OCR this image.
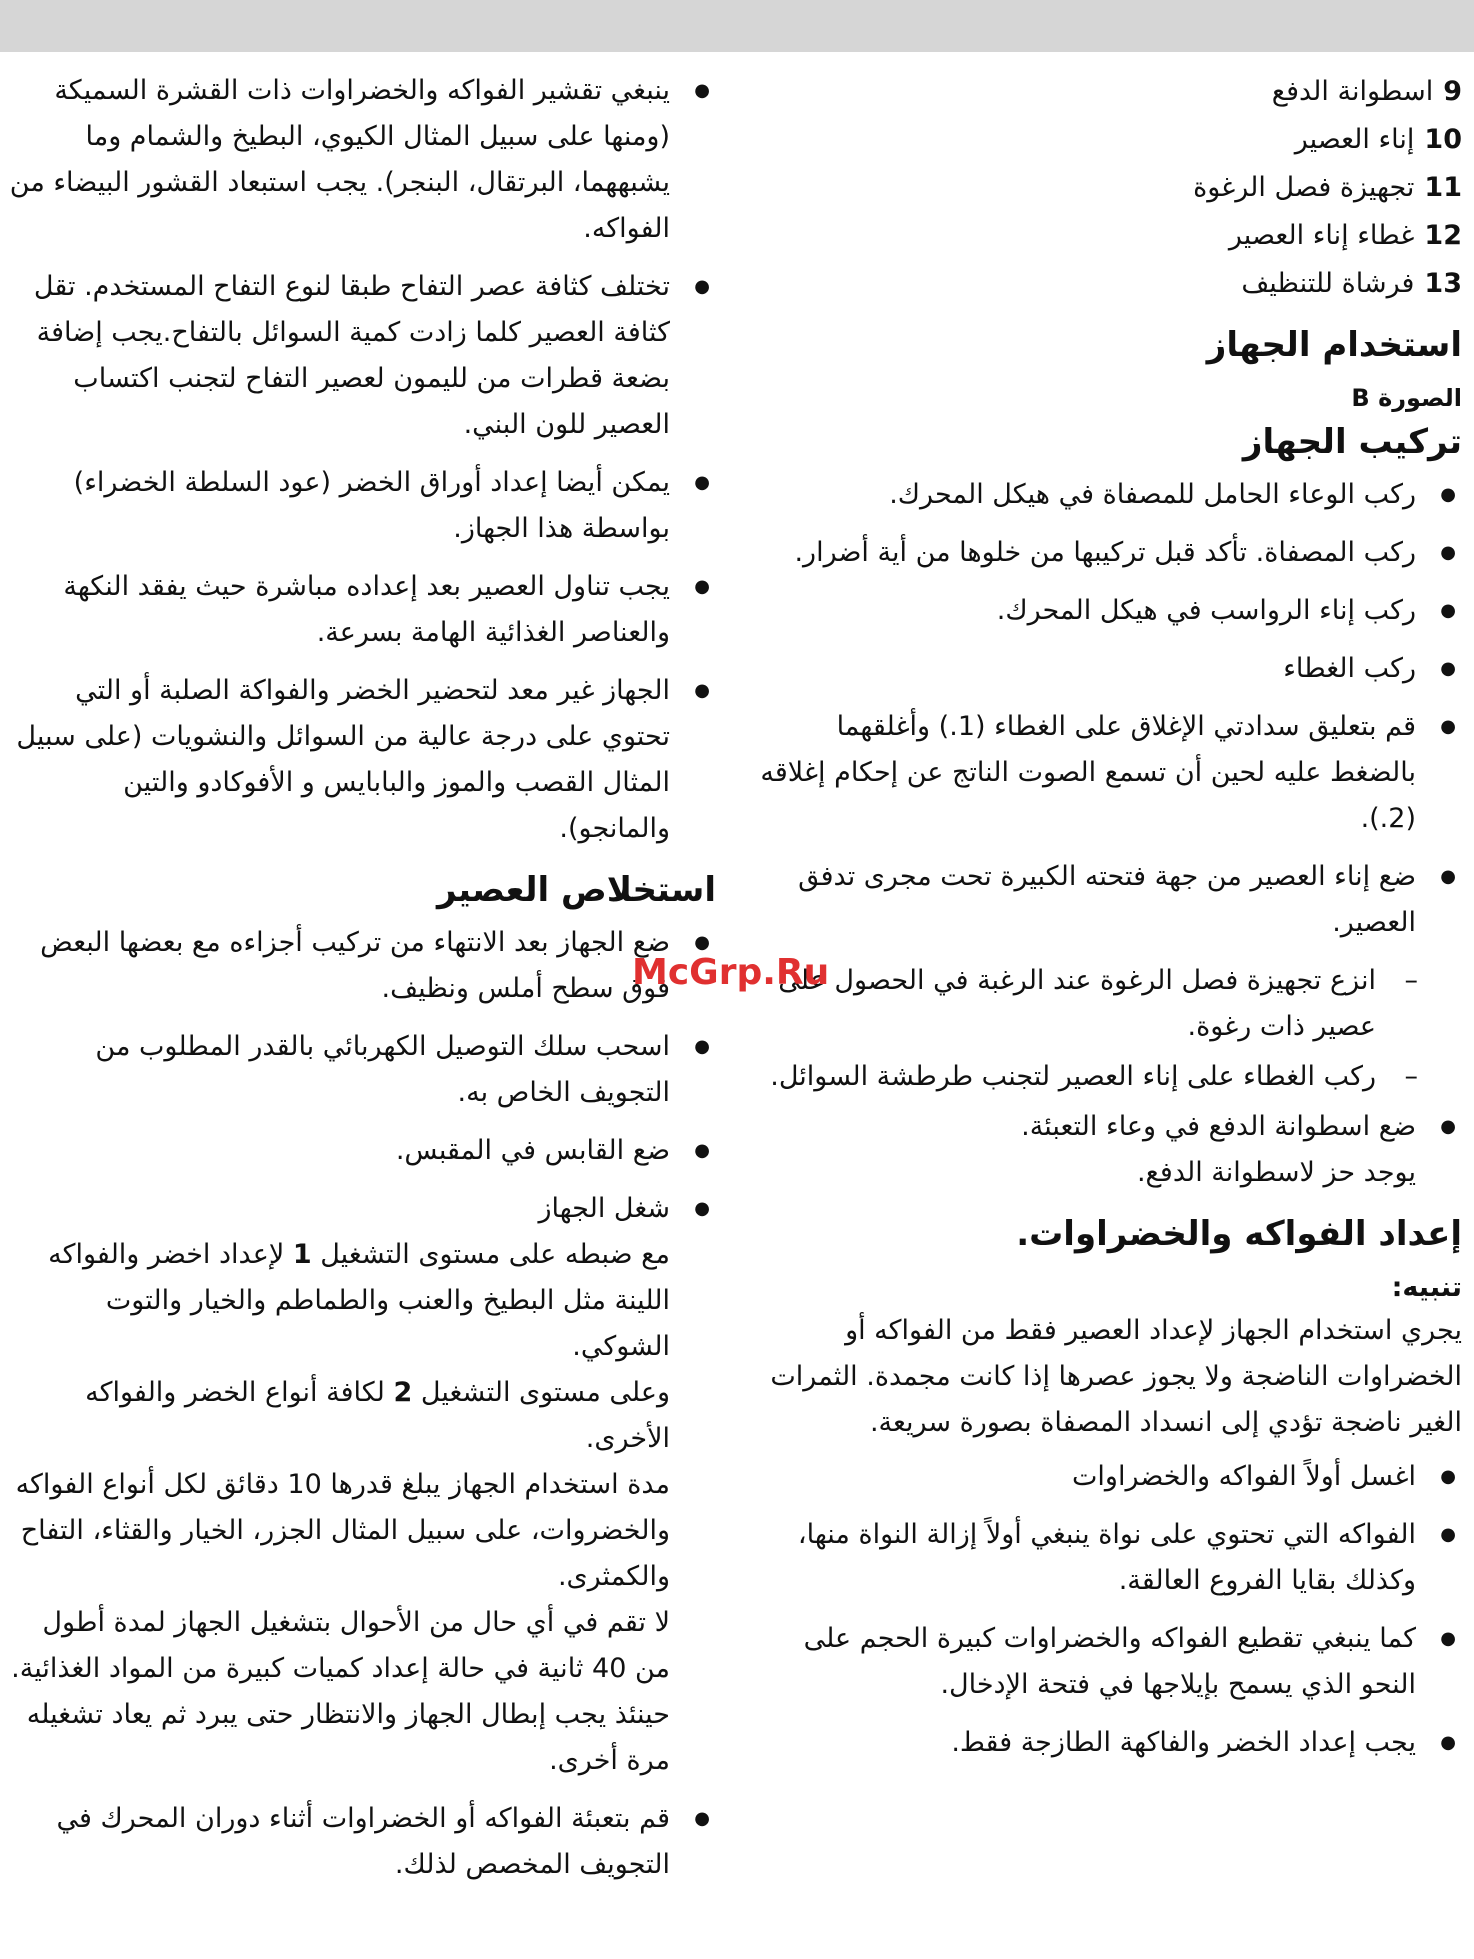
9اسطوانة الدفع
10إناء العصير
11تجهيزة فصل الرغوة
12غطاء إناء العصير
13فرشاة للتنظيف
استخدام الجهاز
الصورة B
تركيب الجهاز
● ركب الوعاء الحامل للمصفاة في هيكل المحرك.
● ركب المصفاة. تأكد قبل تركيبها من خلوها من أية أضرار.
● ركب إناء الرواسب في هيكل المحرك.
● ركب الغطاء
● قم بتعليق سدادتي الإغلاق على الغطاء (1.) وأغلقهما بالضغط عليه لحين أن تسمع الصوت الناتج عن إحكام إغلاقه (2.).
● ضع إناء العصير من جهة فتحته الكبيرة تحت مجرى تدفق العصير.
– انزع تجهيزة فصل الرغوة عند الرغبة في الحصول على عصير ذات رغوة.
– ركب الغطاء على إناء العصير لتجنب طرطشة السوائل.
● ضع اسطوانة الدفع في وعاء التعبئة.
يوجد حز لاسطوانة الدفع.
إعداد الفواكه والخضراوات.
تنبيه:
يجري استخدام الجهاز لإعداد العصير فقط من الفواكه أو الخضراوات الناضجة ولا يجوز عصرها إذا كانت مجمدة. الثمرات الغير ناضجة تؤدي إلى انسداد المصفاة بصورة سريعة.
● اغسل أولاً الفواكه والخضراوات
● الفواكه التي تحتوي على نواة ينبغي أولاً إزالة النواة منها، وكذلك بقايا الفروع العالقة.
● كما ينبغي تقطيع الفواكه والخضراوات كبيرة الحجم على النحو الذي يسمح بإيلاجها في فتحة الإدخال.
● يجب إعداد الخضر والفاكهة الطازجة فقط.
● ينبغي تقشير الفواكه والخضراوات ذات القشرة السميكة (ومنها على سبيل المثال الكيوي، البطيخ والشمام وما يشبههما، البرتقال، البنجر). يجب استبعاد القشور البيضاء من الفواكه.
● تختلف كثافة عصر التفاح طبقا لنوع التفاح المستخدم. تقل كثافة العصير كلما زادت كمية السوائل بالتفاح.يجب إضافة بضعة قطرات من لليمون لعصير التفاح لتجنب اكتساب العصير للون البني.
● يمكن أيضا إعداد أوراق الخضر (عود السلطة الخضراء) بواسطة هذا الجهاز.
● يجب تناول العصير بعد إعداده مباشرة حيث يفقد النكهة والعناصر الغذائية الهامة بسرعة.
● الجهاز غير معد لتحضير الخضر والفواكة الصلبة أو التي تحتوي على درجة عالية من السوائل والنشويات (على سبيل المثال القصب والموز والبابايس و الأفوكادو والتين والمانجو).
استخلاص العصير
● ضع الجهاز بعد الانتهاء من تركيب أجزاءه مع بعضها البعض فوق سطح أملس ونظيف.
● اسحب سلك التوصيل الكهربائي بالقدر المطلوب من التجويف الخاص به.
● ضع القابس في المقبس.
● شغل الجهاز
مع ضبطه على مستوى التشغيل 1 لإعداد اخضر والفواكه اللينة مثل البطيخ والعنب والطماطم والخيار والتوت الشوكي.
وعلى مستوى التشغيل 2 لكافة أنواع الخضر والفواكه الأخرى.
مدة استخدام الجهاز يبلغ قدرها 10 دقائق لكل أنواع الفواكه والخضروات، على سبيل المثال الجزر، الخيار والقثاء، التفاح والكمثرى.
لا تقم في أي حال من الأحوال بتشغيل الجهاز لمدة أطول من 40 ثانية في حالة إعداد كميات كبيرة من المواد الغذائية. حينئذ يجب إبطال الجهاز والانتظار حتى يبرد ثم يعاد تشغيله مرة أخرى.
● قم بتعبئة الفواكه أو الخضراوات أثناء دوران المحرك في التجويف المخصص لذلك.
McGrp.Ru
